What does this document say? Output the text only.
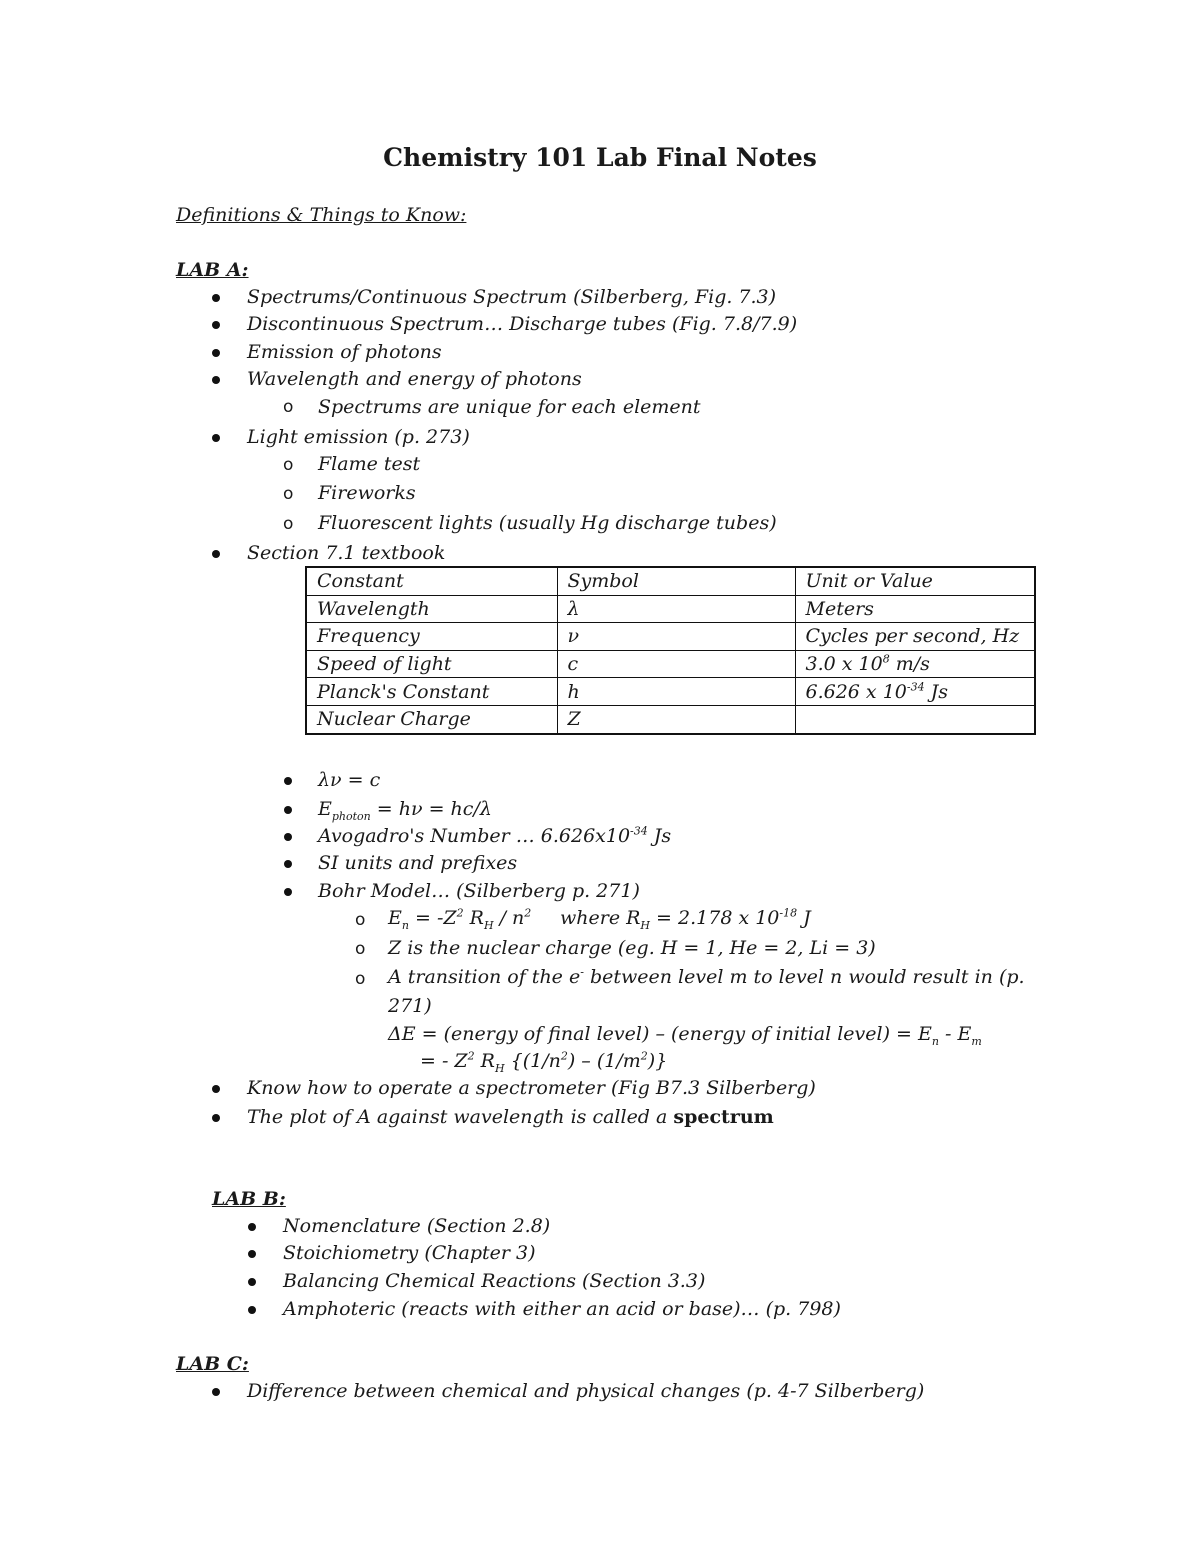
Chemistry 101 Lab Final Notes
Definitions & Things to Know:
LAB A:
Spectrums/Continuous Spectrum (Silberberg, Fig. 7.3)
Discontinuous Spectrum… Discharge tubes (Fig. 7.8/7.9)
Emission of photons
Wavelength and energy of photons
o Spectrums are unique for each element
Light emission (p. 273)
o Flame test
o Fireworks
o Fluorescent lights (usually Hg discharge tubes)
Section 7.1 textbook
Constant	Symbol	Unit or Value
Wavelength	λ	Meters
Frequency	ν	Cycles per second, Hz
Speed of light	c	3.0 x $10^8$ m/s
Planck's Constant	h	6.626 x $10^{-34}$ Js
Nuclear Charge	Z	
λν = c
$E_{photon} = h\nu = hc/\lambda$
Avogadro's Number … $6.626x10^{-34}$ Js
SI units and prefixes
Bohr Model… (Silberberg p. 271)
o $E_n = -Z^2$ $R_H / n^2$ where $R_H = 2.178$ x $10^{-18}$ J
o Z is the nuclear charge (eg. H = 1, He = 2, Li = 3)
o A transition of the e- between level m to level n would result in (p.
271)
ΔE = (energy of final level) – (energy of initial level) = $E_n - E_m$
= - $Z^2$ $R_H$ $\{(1/n^2) - (1/m^2)\}$
Know how to operate a spectrometer (Fig B7.3 Silberberg)
The plot of A against wavelength is called a spectrum
LAB B:
Nomenclature (Section 2.8)
Stoichiometry (Chapter 3)
Balancing Chemical Reactions (Section 3.3)
Amphoteric (reacts with either an acid or base)… (p. 798)
LAB C:
Difference between chemical and physical changes (p. 4-7 Silberberg)
